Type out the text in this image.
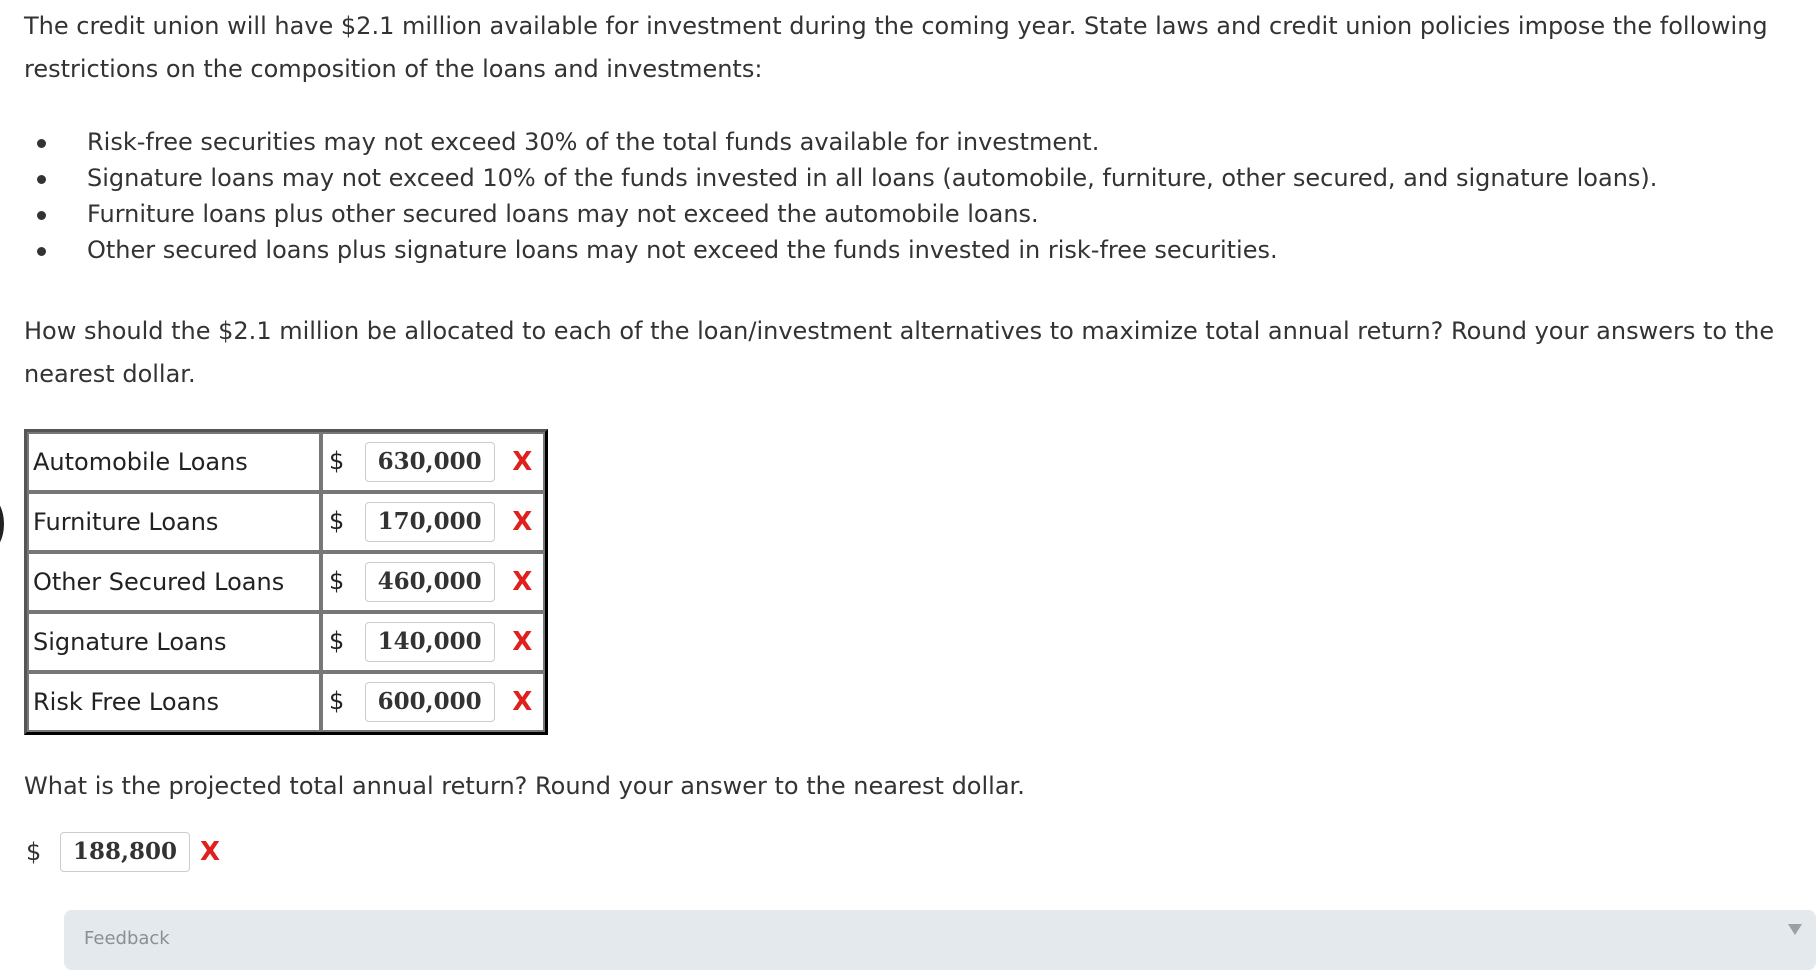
The credit union will have $2.1 million available for investment during the coming year. State laws and credit union policies impose the following restrictions on the composition of the loans and investments:

Risk-free securities may not exceed 30% of the total funds available for investment.
Signature loans may not exceed 10% of the funds invested in all loans (automobile, furniture, other secured, and signature loans).
Furniture loans plus other secured loans may not exceed the automobile loans.
Other secured loans plus signature loans may not exceed the funds invested in risk-free securities.

How should the $2.1 million be allocated to each of the loan/investment alternatives to maximize total annual return? Round your answers to the nearest dollar.

Automobile Loans	$ 630,000 X
Furniture Loans	$ 170,000 X
Other Secured Loans	$ 460,000 X
Signature Loans	$ 140,000 X
Risk Free Loans	$ 600,000 X

What is the projected total annual return? Round your answer to the nearest dollar.

$	188,800 X
Feedback
